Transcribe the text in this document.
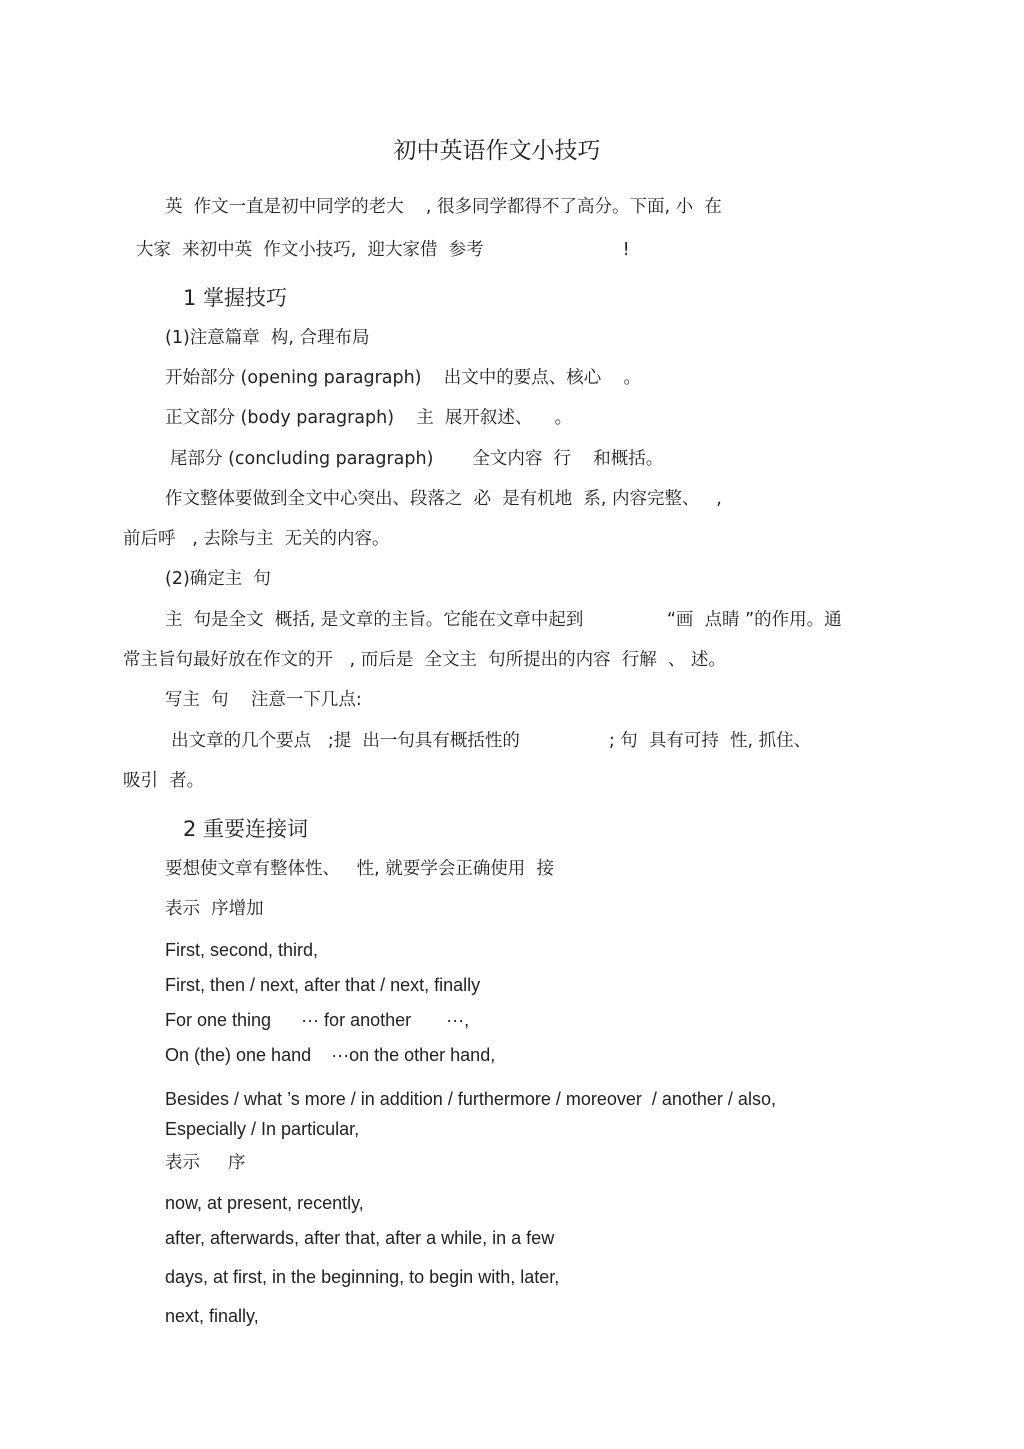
初中英语作文小技巧
英  作文一直是初中同学的老大    , 很多同学都得不了高分。下面, 小  在
大家  来初中英  作文小技巧,  迎大家借  参考                         !
1 掌握技巧
(1)注意篇章  构, 合理布局
开始部分 (opening paragraph)    出文中的要点、核心    。
正文部分 (body paragraph)    主  展开叙述、    。
尾部分 (concluding paragraph)       全文内容  行    和概括。
作文整体要做到全文中心突出、段落之  必  是有机地  系, 内容完整、   ,
前后呼   , 去除与主  无关的内容。
(2)确定主  句
主  句是全文  概括, 是文章的主旨。它能在文章中起到               “画  点睛 ”的作用。通
常主旨句最好放在作文的开   , 而后是  全文主  句所提出的内容  行解  、 述。
写主  句    注意一下几点:
出文章的几个要点   ;提  出一句具有概括性的                ; 句  具有可持  性, 抓住、
吸引  者。
2 重要连接词
要想使文章有整体性、   性, 就要学会正确使用  接
表示  序增加
First, second, third,
First, then / next, after that / next, finally
For one thing      ··· for another       ···,
On (the) one hand    ···on the other hand,
Besides / what ’s more / in addition / furthermore / moreover  / another / also,
Especially / In particular,
表示     序
now, at present, recently,
after, afterwards, after that, after a while, in a few
days, at first, in the beginning, to begin with, later,
next, finally,
